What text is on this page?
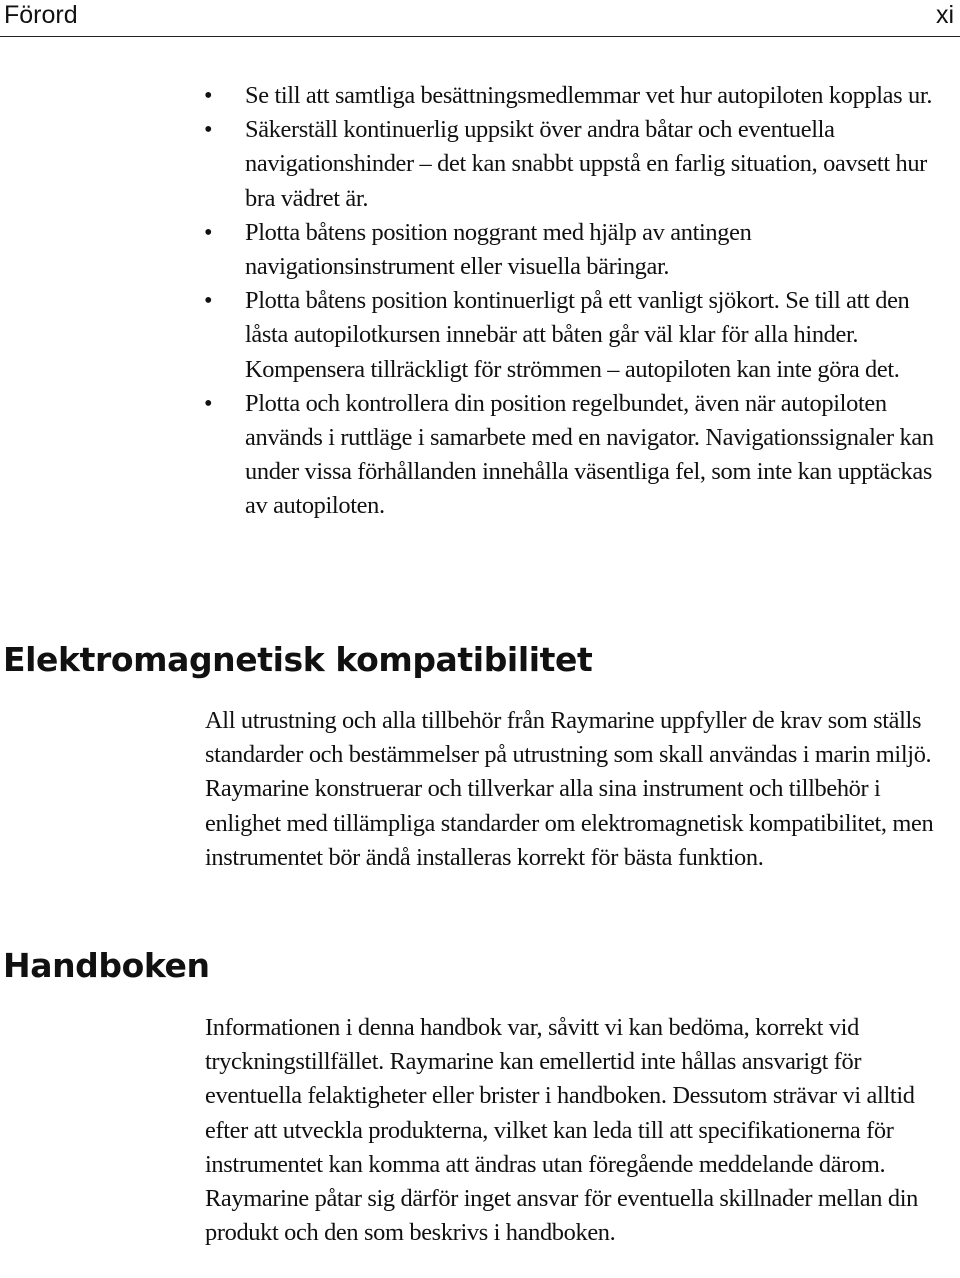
Förord	xi
• Se till att samtliga besättningsmedlemmar vet hur autopiloten kopplas ur.
• Säkerställ kontinuerlig uppsikt över andra båtar och eventuella navigationshinder – det kan snabbt uppstå en farlig situation, oavsett hur bra vädret är.
• Plotta båtens position noggrant med hjälp av antingen navigationsinstrument eller visuella bäringar.
• Plotta båtens position kontinuerligt på ett vanligt sjökort. Se till att den låsta autopilotkursen innebär att båten går väl klar för alla hinder. Kompensera tillräckligt för strömmen – autopiloten kan inte göra det.
• Plotta och kontrollera din position regelbundet, även när autopiloten används i ruttläge i samarbete med en navigator. Navigationssignaler kan under vissa förhållanden innehålla väsentliga fel, som inte kan upptäckas av autopiloten.
Elektromagnetisk kompatibilitet

All utrustning och alla tillbehör från Raymarine uppfyller de krav som ställs standarder och bestämmelser på utrustning som skall användas i marin miljö. Raymarine konstruerar och tillverkar alla sina instrument och tillbehör i enlighet med tillämpliga standarder om elektromagnetisk kompatibilitet, men instrumentet bör ändå installeras korrekt för bästa funktion.

Handboken

Informationen i denna handbok var, såvitt vi kan bedöma, korrekt vid tryckningstillfället. Raymarine kan emellertid inte hållas ansvarigt för eventuella felaktigheter eller brister i handboken. Dessutom strävar vi alltid efter att utveckla produkterna, vilket kan leda till att specifikationerna för instrumentet kan komma att ändras utan föregående meddelande därom. Raymarine påtar sig därför inget ansvar för eventuella skillnader mellan din produkt och den som beskrivs i handboken.
